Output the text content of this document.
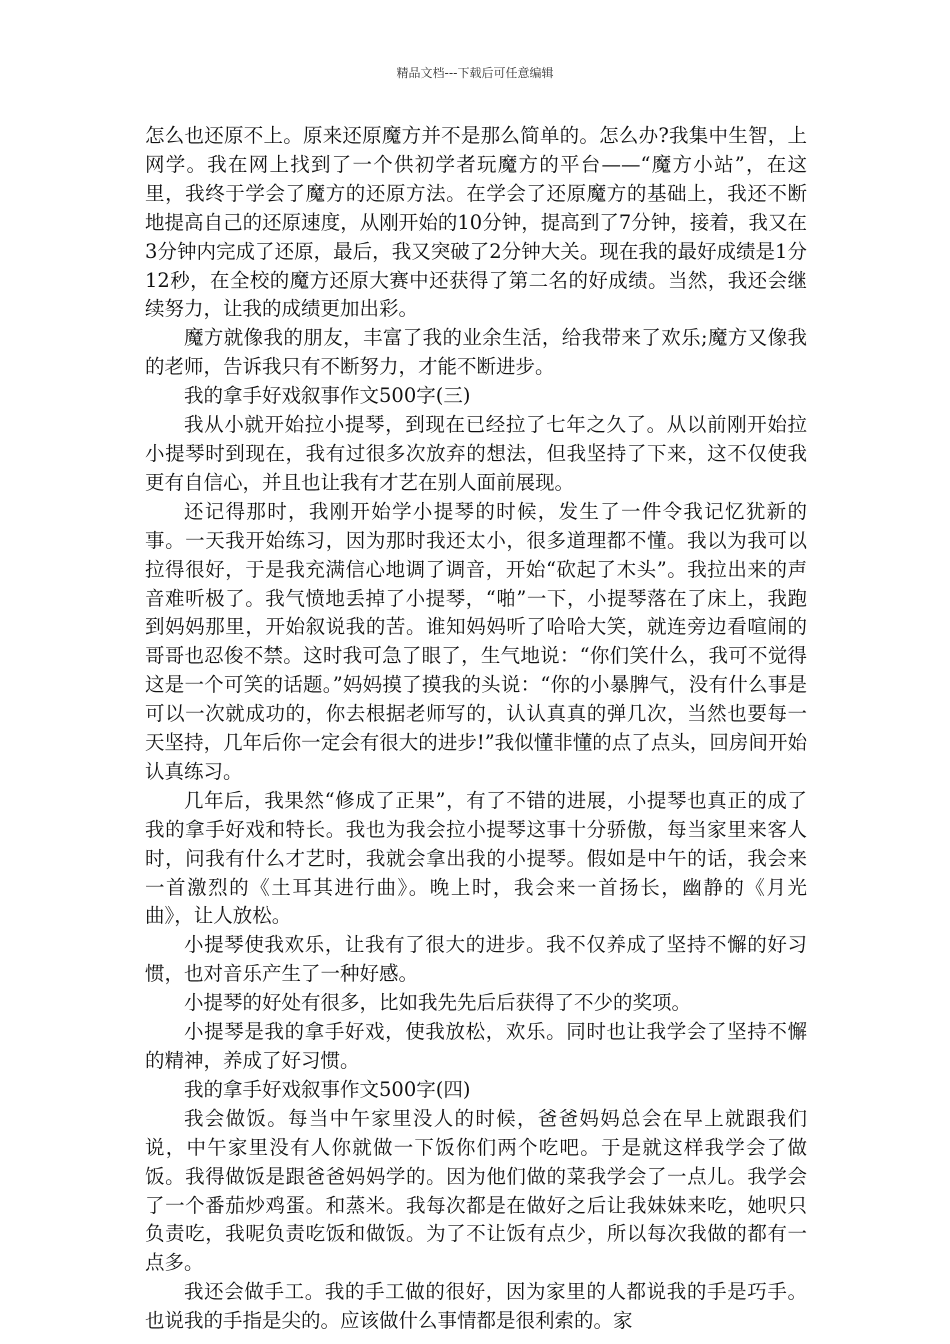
精品文档---下载后可任意编辑

怎么也还原不上。原来还原魔方并不是那么简单的。怎么办?我集中生智，上网学。我在网上找到了一个供初学者玩魔方的平台——“魔方小站”，在这里，我终于学会了魔方的还原方法。在学会了还原魔方的基础上，我还不断地提高自己的还原速度，从刚开始的10分钟，提高到了7分钟，接着，我又在3分钟内完成了还原，最后，我又突破了2分钟大关。现在我的最好成绩是1分12秒，在全校的魔方还原大赛中还获得了第二名的好成绩。当然，我还会继续努力，让我的成绩更加出彩。

魔方就像我的朋友，丰富了我的业余生活，给我带来了欢乐;魔方又像我的老师，告诉我只有不断努力，才能不断进步。

我的拿手好戏叙事作文500字(三)

我从小就开始拉小提琴，到现在已经拉了七年之久了。从以前刚开始拉小提琴时到现在，我有过很多次放弃的想法，但我坚持了下来，这不仅使我更有自信心，并且也让我有才艺在别人面前展现。

还记得那时，我刚开始学小提琴的时候，发生了一件令我记忆犹新的事。一天我开始练习，因为那时我还太小，很多道理都不懂。我以为我可以拉得很好，于是我充满信心地调了调音，开始“砍起了木头”。我拉出来的声音难听极了。我气愤地丢掉了小提琴，“啪”一下，小提琴落在了床上，我跑到妈妈那里，开始叙说我的苦。谁知妈妈听了哈哈大笑，就连旁边看喧闹的哥哥也忍俊不禁。这时我可急了眼了，生气地说：“你们笑什么，我可不觉得这是一个可笑的话题。”妈妈摸了摸我的头说：“你的小暴脾气，没有什么事是可以一次就成功的，你去根据老师写的，认认真真的弹几次，当然也要每一天坚持，几年后你一定会有很大的进步!”我似懂非懂的点了点头，回房间开始认真练习。

几年后，我果然“修成了正果”，有了不错的进展，小提琴也真正的成了我的拿手好戏和特长。我也为我会拉小提琴这事十分骄傲，每当家里来客人时，问我有什么才艺时，我就会拿出我的小提琴。假如是中午的话，我会来一首激烈的《土耳其进行曲》。晚上时，我会来一首扬长，幽静的《月光曲》，让人放松。

小提琴使我欢乐，让我有了很大的进步。我不仅养成了坚持不懈的好习惯，也对音乐产生了一种好感。

小提琴的好处有很多，比如我先先后后获得了不少的奖项。

小提琴是我的拿手好戏，使我放松，欢乐。同时也让我学会了坚持不懈的精神，养成了好习惯。

我的拿手好戏叙事作文500字(四)

我会做饭。每当中午家里没人的时候，爸爸妈妈总会在早上就跟我们说，中午家里没有人你就做一下饭你们两个吃吧。于是就这样我学会了做饭。我得做饭是跟爸爸妈妈学的。因为他们做的菜我学会了一点儿。我学会了一个番茄炒鸡蛋。和蒸米。我每次都是在做好之后让我妹妹来吃，她呎只负责吃，我呢负责吃饭和做饭。为了不让饭有点少，所以每次我做的都有一点多。

我还会做手工。我的手工做的很好，因为家里的人都说我的手是巧手。也说我的手指是尖的。应该做什么事情都是很利索的。家
